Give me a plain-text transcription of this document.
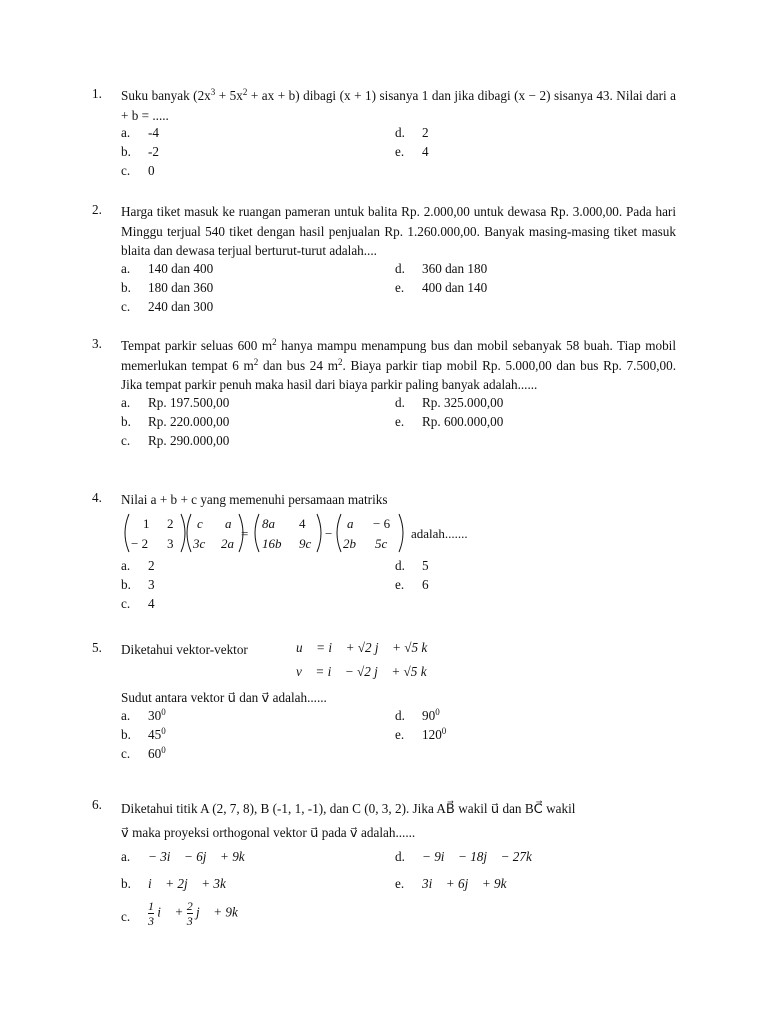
1. Suku banyak ($2x^3 + 5x^2$ + ax + b) dibagi (x + 1) sisanya 1 dan jika dibagi (x − 2) sisanya 43. Nilai dari a + b = .....
a. -4
b. -2
c. 0
d. 2
e. 4
2. Harga tiket masuk ke ruangan pameran untuk balita Rp. 2.000,00 untuk dewasa Rp. 3.000,00. Pada hari Minggu terjual 540 tiket dengan hasil penjualan Rp. 1.260.000,00. Banyak masing-masing tiket masuk blaita dan dewasa terjual berturut-turut adalah....
a. 140 dan 400
b. 180 dan 360
c. 240 dan 300
d. 360 dan 180
e. 400 dan 140
3. Tempat parkir seluas 600 $m^2$ hanya mampu menampung bus dan mobil sebanyak 58 buah. Tiap mobil memerlukan tempat 6 $m^2$ dan bus 24 $m^2$. Biaya parkir tiap mobil Rp. 5.000,00 dan bus Rp. 7.500,00. Jika tempat parkir penuh maka hasil dari biaya parkir paling banyak adalah......
a. Rp. 197.500,00
b. Rp. 220.000,00
c. Rp. 290.000,00
d. Rp. 325.000,00
e. Rp. 600.000,00
4. Nilai a + b + c yang memenuhi persamaan matriks
1 2
− 2 3
c a
3c 2a
=
8a 4
16b 9c
−
a − 6
2b 5c
adalah.......
a. 2
b. 3
c. 4
d. 5
e. 6
5. Diketahui vektor-vektor	u⃗ = i⃗ + √2 j⃗ + √5 k⃗
v⃗ = i⃗ − √2 j⃗ + √5 k⃗
Sudut antara vektor u⃗ dan v⃗ adalah......
a. $30^0$
b. $45^0$
c. $60^0$
d. $90^0$
e. $120^0$
6. Diketahui titik A (2, 7, 8), B (-1, 1, -1), dan C (0, 3, 2). Jika AB⃗ wakil u⃗ dan BC⃗ wakil
v⃗ maka proyeksi orthogonal vektor u⃗ pada v⃗ adalah......
a. − 3i⃗ − 6j⃗ + 9k⃗
b. i⃗ + 2j⃗ + 3k⃗
c. $\frac{1}{3}$ i⃗ + $\frac{2}{3}$ j⃗ + 9k⃗
d. − 9i⃗ − 18j⃗ − 27k⃗
e. 3i⃗ + 6j⃗ + 9k⃗
